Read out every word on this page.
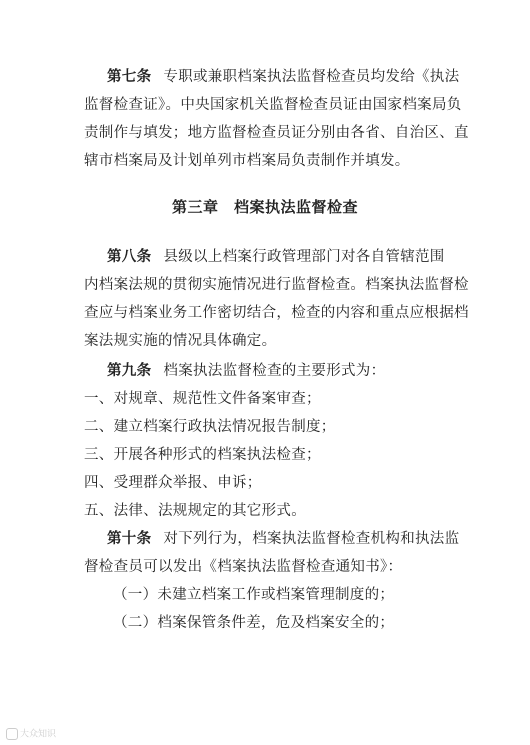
第七条 专职或兼职档案执法监督检查员均发给《执法
监督检查证》。中央国家机关监督检查员证由国家档案局负
责制作与填发；地方监督检查员证分别由各省、自治区、直
辖市档案局及计划单列市档案局负责制作并填发。
第三章　档案执法监督检查
第八条 县级以上档案行政管理部门对各自管辖范围
内档案法规的贯彻实施情况进行监督检查。档案执法监督检
查应与档案业务工作密切结合，检查的内容和重点应根据档
案法规实施的情况具体确定。
第九条 档案执法监督检查的主要形式为：
一、对规章、规范性文件备案审查；
二、建立档案行政执法情况报告制度；
三、开展各种形式的档案执法检查；
四、受理群众举报、申诉；
五、法律、法规规定的其它形式。
第十条 对下列行为，档案执法监督检查机构和执法监
督检查员可以发出《档案执法监督检查通知书》：
（一）未建立档案工作或档案管理制度的；
（二）档案保管条件差，危及档案安全的；
大众知识
